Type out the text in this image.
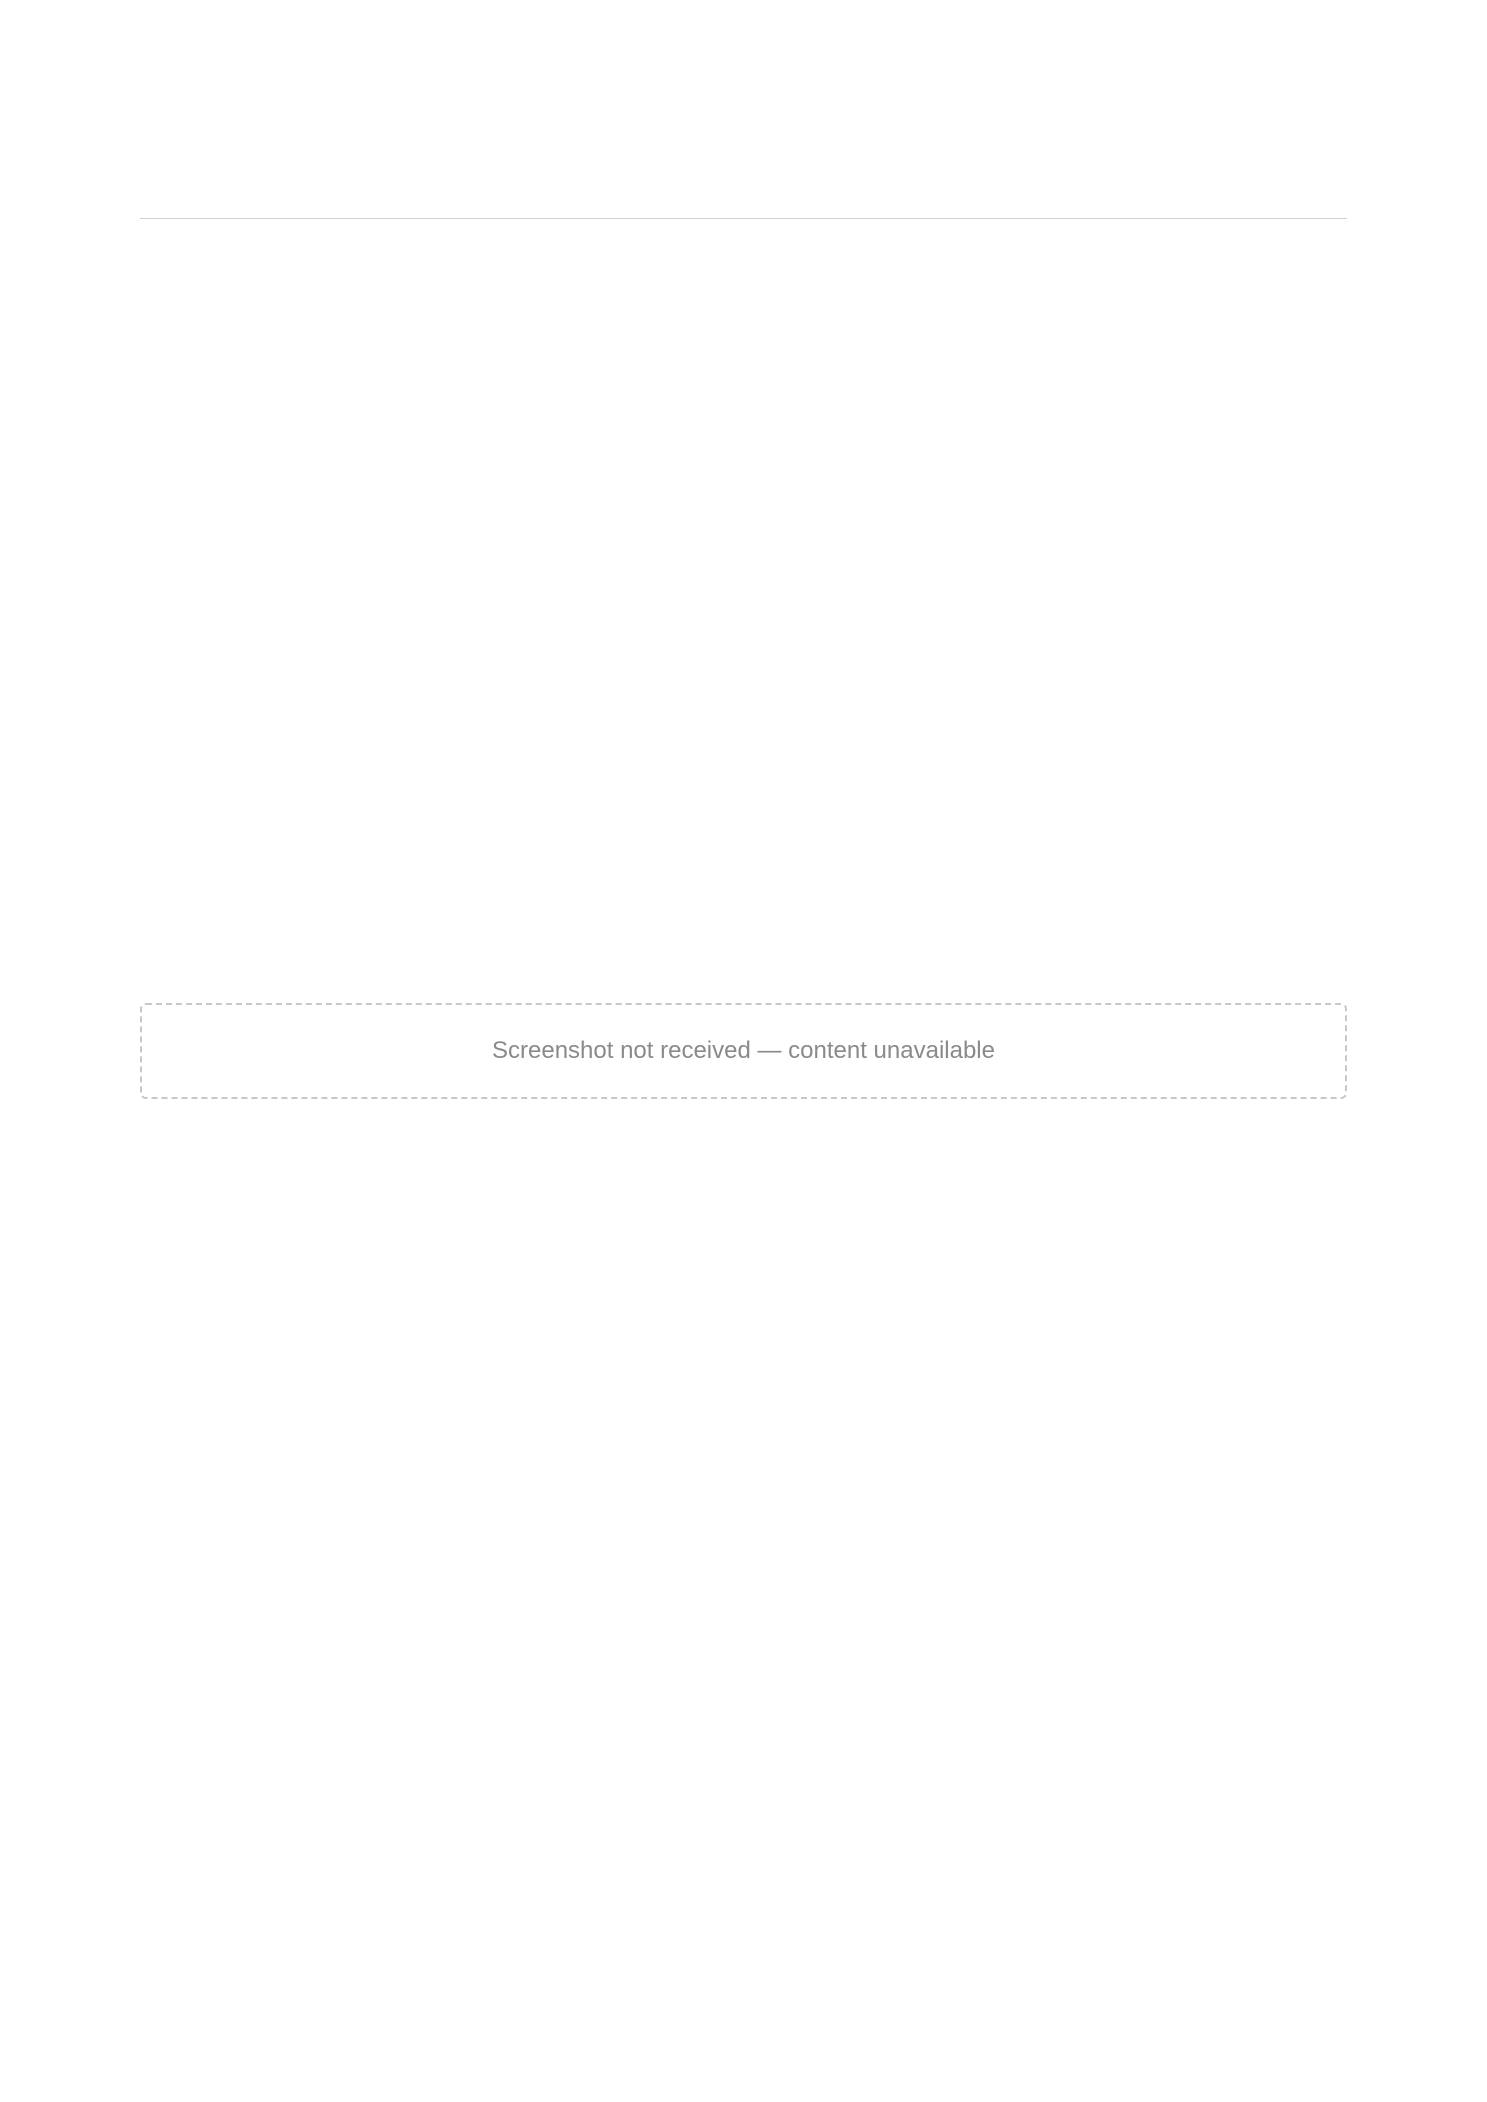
Screenshot not received — content unavailable
